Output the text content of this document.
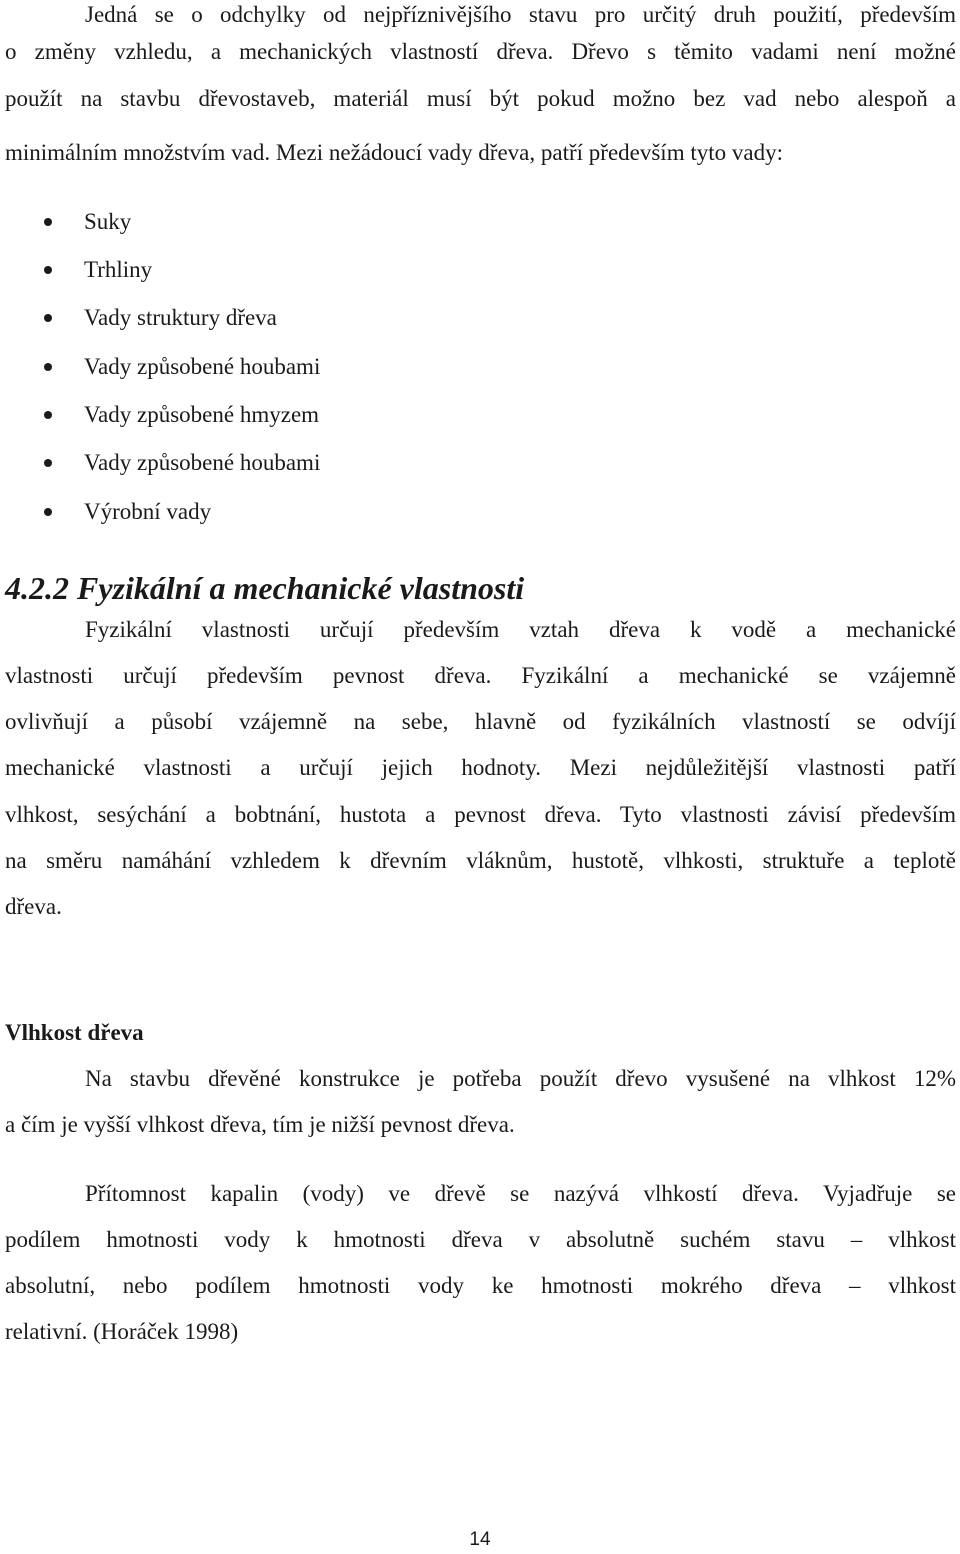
Jedná se o odchylky od nejpříznivějšího stavu pro určitý druh použití, především

o změny vzhledu, a mechanických vlastností dřeva. Dřevo s těmito vadami není možné

použít na stavbu dřevostaveb, materiál musí být pokud možno bez vad nebo alespoň a

minimálním množstvím vad. Mezi nežádoucí vady dřeva, patří především tyto vady:

Suky
Trhliny
Vady struktury dřeva
Vady způsobené houbami
Vady způsobené hmyzem
Vady způsobené houbami
Výrobní vady
4.2.2 Fyzikální a mechanické vlastnosti

Fyzikální vlastnosti určují především vztah dřeva k vodě a mechanické

vlastnosti určují především pevnost dřeva. Fyzikální a mechanické se vzájemně

ovlivňují a působí vzájemně na sebe, hlavně od fyzikálních vlastností se odvíjí

mechanické vlastnosti a určují jejich hodnoty. Mezi nejdůležitější vlastnosti patří

vlhkost, sesýchání a bobtnání, hustota a pevnost dřeva. Tyto vlastnosti závisí především

na směru namáhání vzhledem k dřevním vláknům, hustotě, vlhkosti, struktuře a teplotě

dřeva.

Vlhkost dřeva

Na stavbu dřevěné konstrukce je potřeba použít dřevo vysušené na vlhkost 12%

a čím je vyšší vlhkost dřeva, tím je nižší pevnost dřeva.

Přítomnost kapalin (vody) ve dřevě se nazývá vlhkostí dřeva. Vyjadřuje se

podílem hmotnosti vody k hmotnosti dřeva v absolutně suchém stavu – vlhkost

absolutní, nebo podílem hmotnosti vody ke hmotnosti mokrého dřeva – vlhkost

relativní. (Horáček 1998)

14
